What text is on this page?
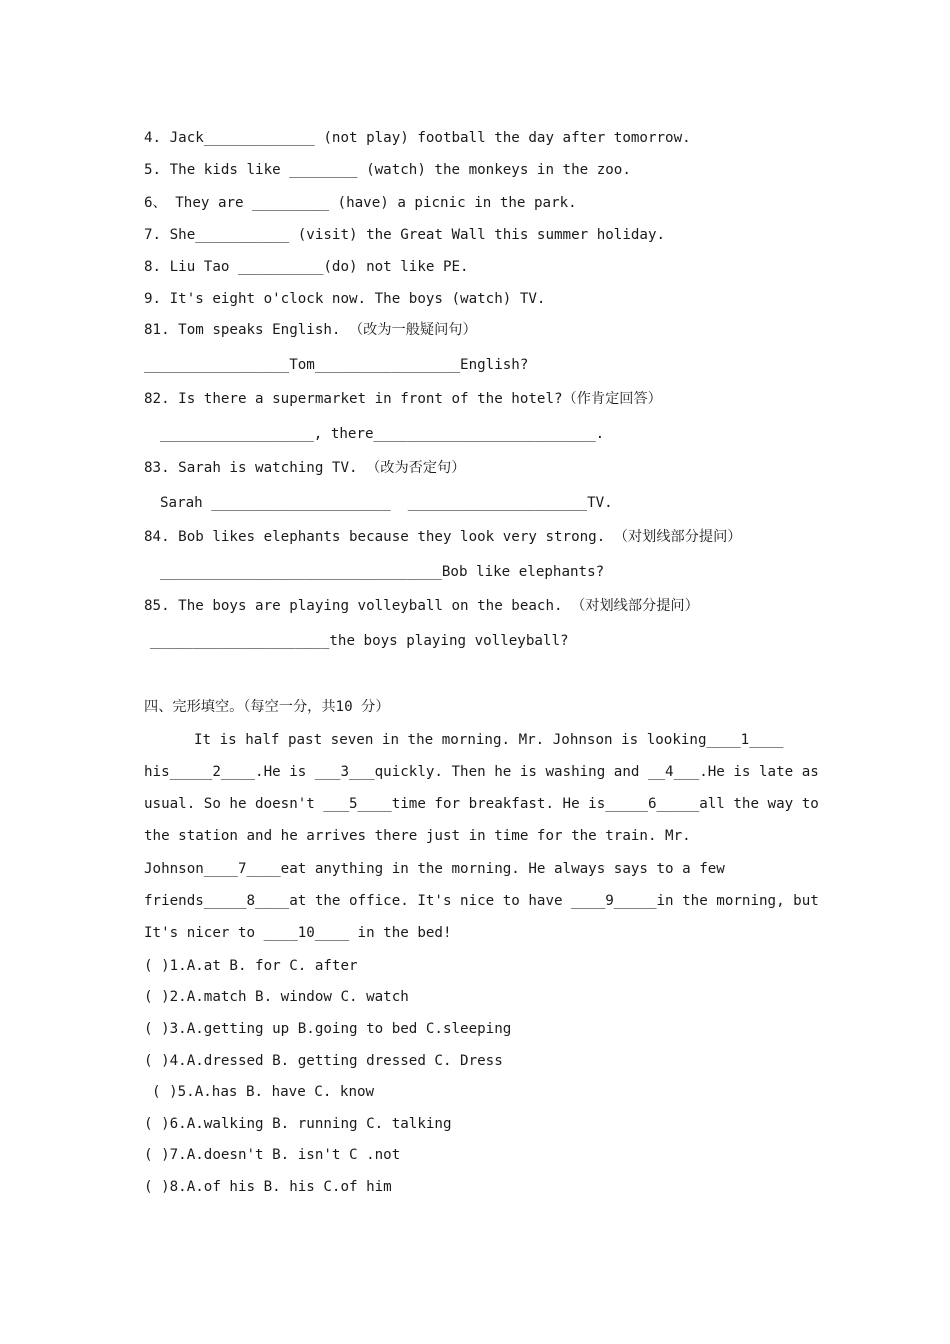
4. Jack_____________ (not play) football the day after tomorrow.
5. The kids like ________ (watch) the monkeys in the zoo.
6、 They are _________ (have) a picnic in the park.
7. She___________ (visit) the Great Wall this summer holiday.
8. Liu Tao __________(do) not like PE.
9. It's eight o'clock now. The boys (watch) TV.
81. Tom speaks English. （改为一般疑问句）
_________________Tom_________________English?
82. Is there a supermarket in front of the hotel?（作肯定回答）
__________________, there__________________________.
83. Sarah is watching TV. （改为否定句）
Sarah _____________________  _____________________TV.
84. Bob likes elephants because they look very strong. （对划线部分提问）
_________________________________Bob like elephants?
85. The boys are playing volleyball on the beach. （对划线部分提问）
_____________________the boys playing volleyball?
四、完形填空。（每空一分，共10 分）
It is half past seven in the morning. Mr. Johnson is looking____1____
his_____2____.He is ___3___quickly. Then he is washing and __4___.He is late as
usual. So he doesn't ___5____time for breakfast. He is_____6_____all the way to
the station and he arrives there just in time for the train. Mr.
Johnson____7____eat anything in the morning. He always says to a few
friends_____8____at the office. It's nice to have ____9_____in the morning, but
It's nicer to ____10____ in the bed!
( )1.A.at B. for C. after
( )2.A.match B. window C. watch
( )3.A.getting up B.going to bed C.sleeping
( )4.A.dressed B. getting dressed C. Dress
( )5.A.has B. have C. know
( )6.A.walking B. running C. talking
( )7.A.doesn't B. isn't C .not
( )8.A.of his B. his C.of him
